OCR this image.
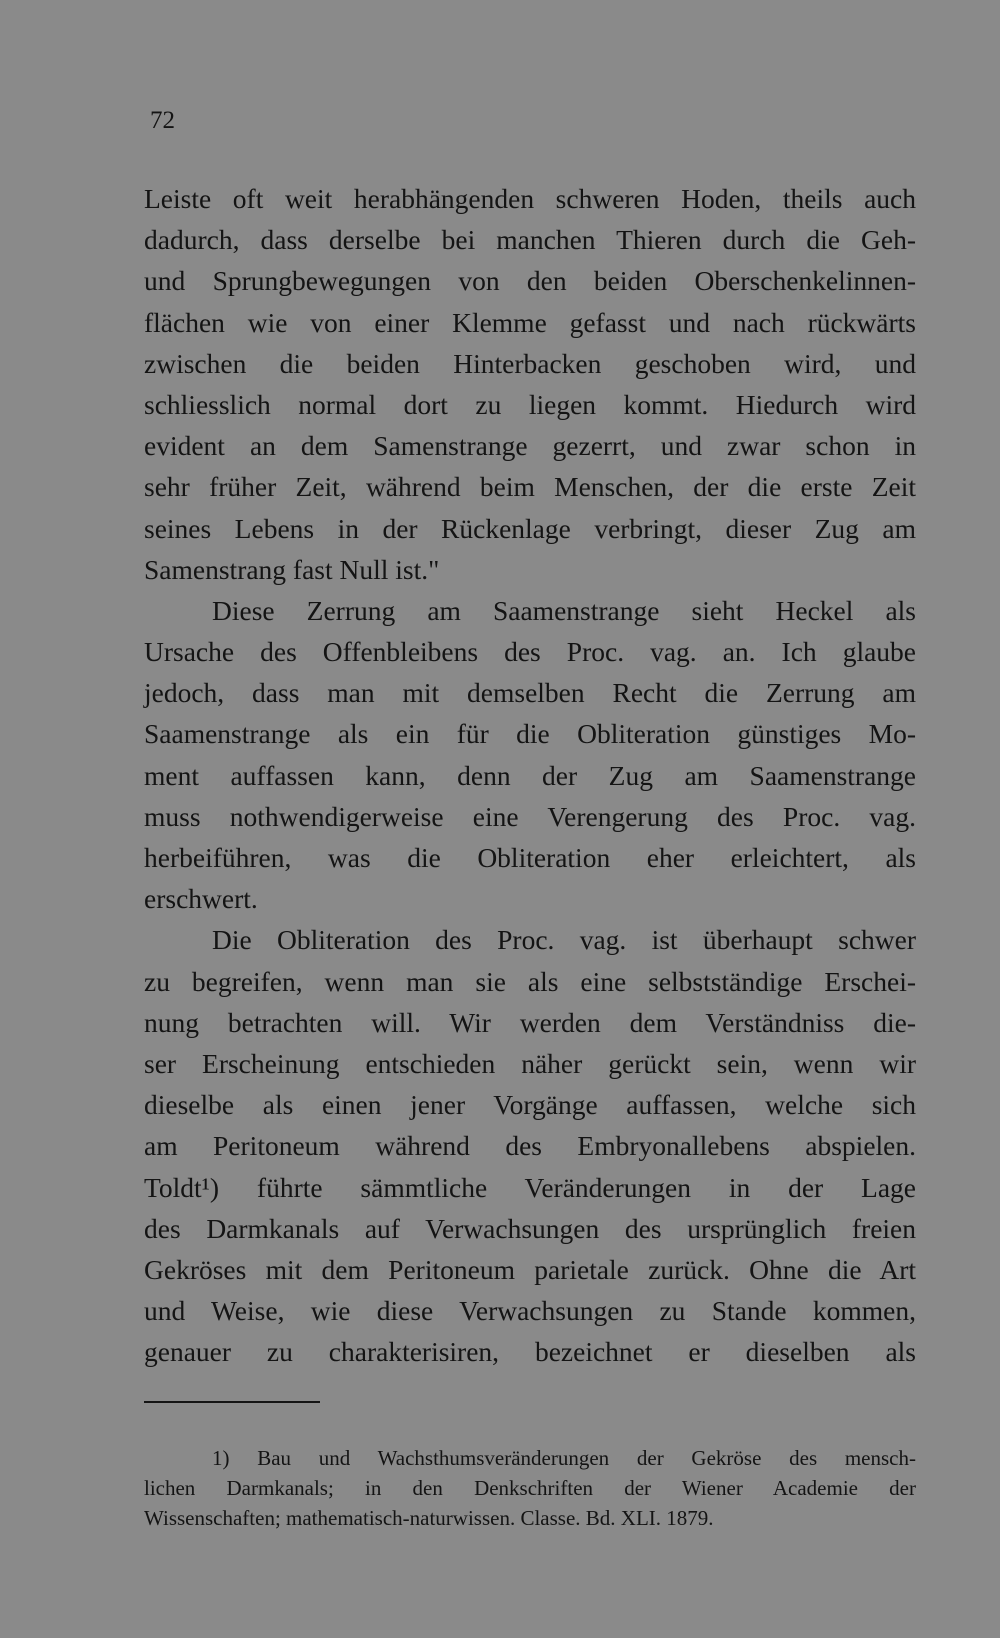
72
Leiste oft weit herabhängenden schweren Hoden, theils auch
dadurch, dass derselbe bei manchen Thieren durch die Geh-
und Sprungbewegungen von den beiden Oberschenkelinnen-
flächen wie von einer Klemme gefasst und nach rückwärts
zwischen die beiden Hinterbacken geschoben wird, und
schliesslich normal dort zu liegen kommt. Hiedurch wird
evident an dem Samenstrange gezerrt, und zwar schon in
sehr früher Zeit, während beim Menschen, der die erste Zeit
seines Lebens in der Rückenlage verbringt, dieser Zug am
Samenstrang fast Null ist."
Diese Zerrung am Saamenstrange sieht Heckel als
Ursache des Offenbleibens des Proc. vag. an. Ich glaube
jedoch, dass man mit demselben Recht die Zerrung am
Saamenstrange als ein für die Obliteration günstiges Mo-
ment auffassen kann, denn der Zug am Saamenstrange
muss nothwendigerweise eine Verengerung des Proc. vag.
herbeiführen, was die Obliteration eher erleichtert, als
erschwert.
Die Obliteration des Proc. vag. ist überhaupt schwer
zu begreifen, wenn man sie als eine selbstständige Erschei-
nung betrachten will. Wir werden dem Verständniss die-
ser Erscheinung entschieden näher gerückt sein, wenn wir
dieselbe als einen jener Vorgänge auffassen, welche sich
am Peritoneum während des Embryonallebens abspielen.
Toldt¹) führte sämmtliche Veränderungen in der Lage
des Darmkanals auf Verwachsungen des ursprünglich freien
Gekröses mit dem Peritoneum parietale zurück. Ohne die Art
und Weise, wie diese Verwachsungen zu Stande kommen,
genauer zu charakterisiren, bezeichnet er dieselben als
1) Bau und Wachsthumsveränderungen der Gekröse des mensch-
lichen Darmkanals; in den Denkschriften der Wiener Academie der
Wissenschaften; mathematisch-naturwissen. Classe. Bd. XLI. 1879.
